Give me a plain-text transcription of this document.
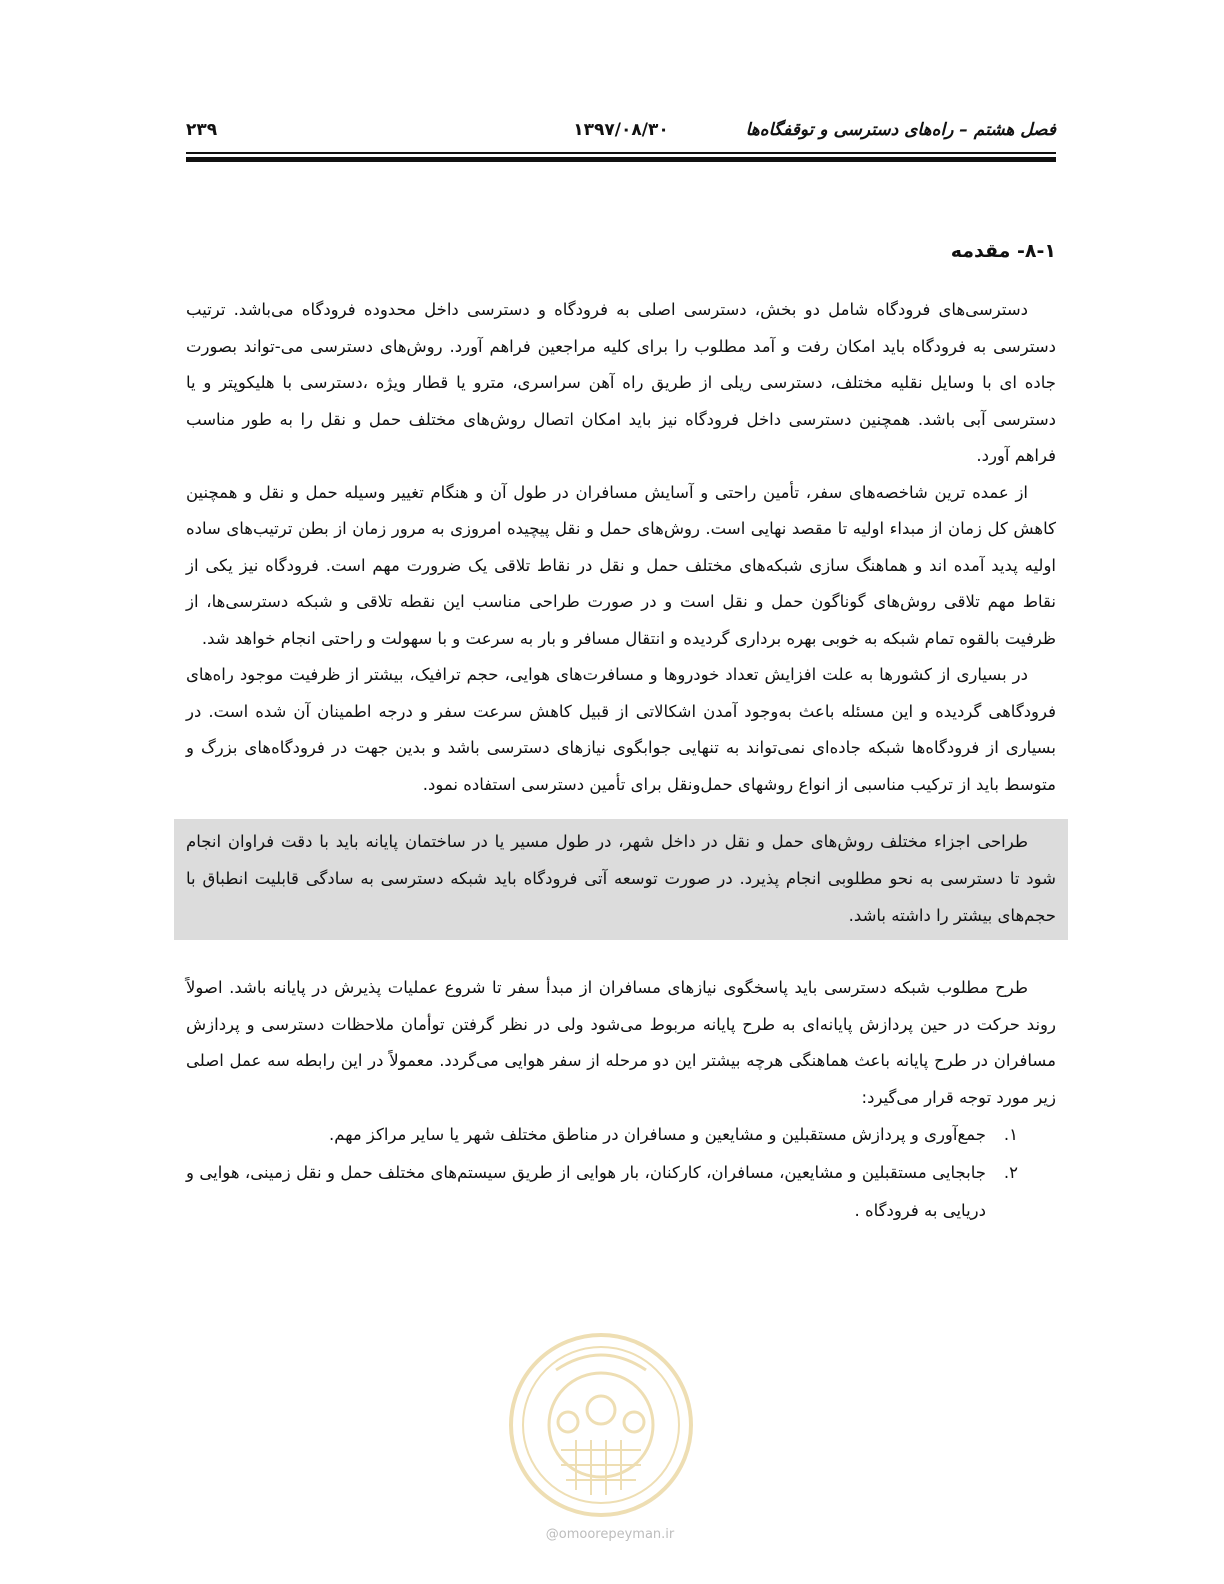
فصل هشتم – راه‌های دسترسی و توقفگاه‌ها
۱۳۹۷/۰۸/۳۰
۲۳۹
۸-۱- مقدمه

دسترسی‌های فرودگاه شامل دو بخش، دسترسی اصلی به فرودگاه و دسترسی داخل محدوده فرودگاه می‌باشد. ترتیب دسترسی به فرودگاه باید امکان رفت و آمد مطلوب را برای کلیه مراجعین فراهم آورد. روش‌های دسترسی می-تواند بصورت جاده ای با وسایل نقلیه مختلف، دسترسی ریلی از طریق راه آهن سراسری، مترو یا قطار ویژه ،دسترسی با هلیکوپتر و یا دسترسی آبی باشد. همچنین دسترسی داخل فرودگاه نیز باید امکان اتصال روش‌های مختلف حمل و نقل را به طور مناسب فراهم آورد.

از عمده ترین شاخصه‌های سفر، تأمین راحتی و آسایش مسافران در طول آن و هنگام تغییر وسیله حمل و نقل و همچنین کاهش کل زمان از مبداء اولیه تا مقصد نهایی است. روش‌های حمل و نقل پیچیده امروزی به مرور زمان از بطن ترتیب‌های ساده اولیه پدید آمده اند و هماهنگ سازی شبکه‌های مختلف حمل و نقل در نقاط تلاقی یک ضرورت مهم است. فرودگاه نیز یکی از نقاط مهم تلاقی روش‌های گوناگون حمل و نقل است و در صورت طراحی مناسب این نقطه تلاقی و شبکه دسترسی‌ها، از ظرفیت بالقوه تمام شبکه به خوبی بهره برداری گردیده و انتقال مسافر و بار به سرعت و با سهولت و راحتی انجام خواهد شد.

در بسیاری از کشورها به علت افزایش تعداد خودروها و مسافرت‌های هوایی، حجم ترافیک، بیشتر از ظرفیت موجود راه‌های فرودگاهی گردیده و این مسئله باعث به‌وجود آمدن اشکالاتی از قبیل کاهش سرعت سفر و درجه اطمینان آن شده است. در بسیاری از فرودگاه‌ها شبکه جاده‌ای نمی‌تواند به تنهایی جوابگوی نیازهای دسترسی باشد و بدین جهت در فرودگاه‌های بزرگ و متوسط باید از ترکیب مناسبی از انواع روشهای حمل‌ونقل برای تأمین دسترسی استفاده نمود.

طراحی اجزاء مختلف روش‌های حمل و نقل در داخل شهر، در طول مسیر یا در ساختمان پایانه باید با دقت فراوان انجام شود تا دسترسی به نحو مطلوبی انجام پذیرد. در صورت توسعه آتی فرودگاه باید شبکه دسترسی به سادگی قابلیت انطباق با حجم‌های بیشتر را داشته باشد.

طرح مطلوب شبکه دسترسی باید پاسخگوی نیازهای مسافران از مبدأ سفر تا شروع عملیات پذیرش در پایانه باشد. اصولاً روند حرکت در حین پردازش پایانه‌ای به طرح پایانه مربوط می‌شود ولی در نظر گرفتن توأمان ملاحظات دسترسی و پردازش مسافران در طرح پایانه باعث هماهنگی هرچه بیشتر این دو مرحله از سفر هوایی می‌گردد. معمولاً در این رابطه سه عمل اصلی زیر مورد توجه قرار می‌گیرد:

۱.
جمع‌آوری و پردازش مستقبلین و مشایعین و مسافران در مناطق مختلف شهر یا سایر مراکز مهم.
۲.
جابجایی مستقبلین و مشایعین، مسافران، کارکنان، بار هوایی از طریق سیستم‌های مختلف حمل و نقل زمینی، هوایی و دریایی به فرودگاه .
@omoorepeyman.ir
